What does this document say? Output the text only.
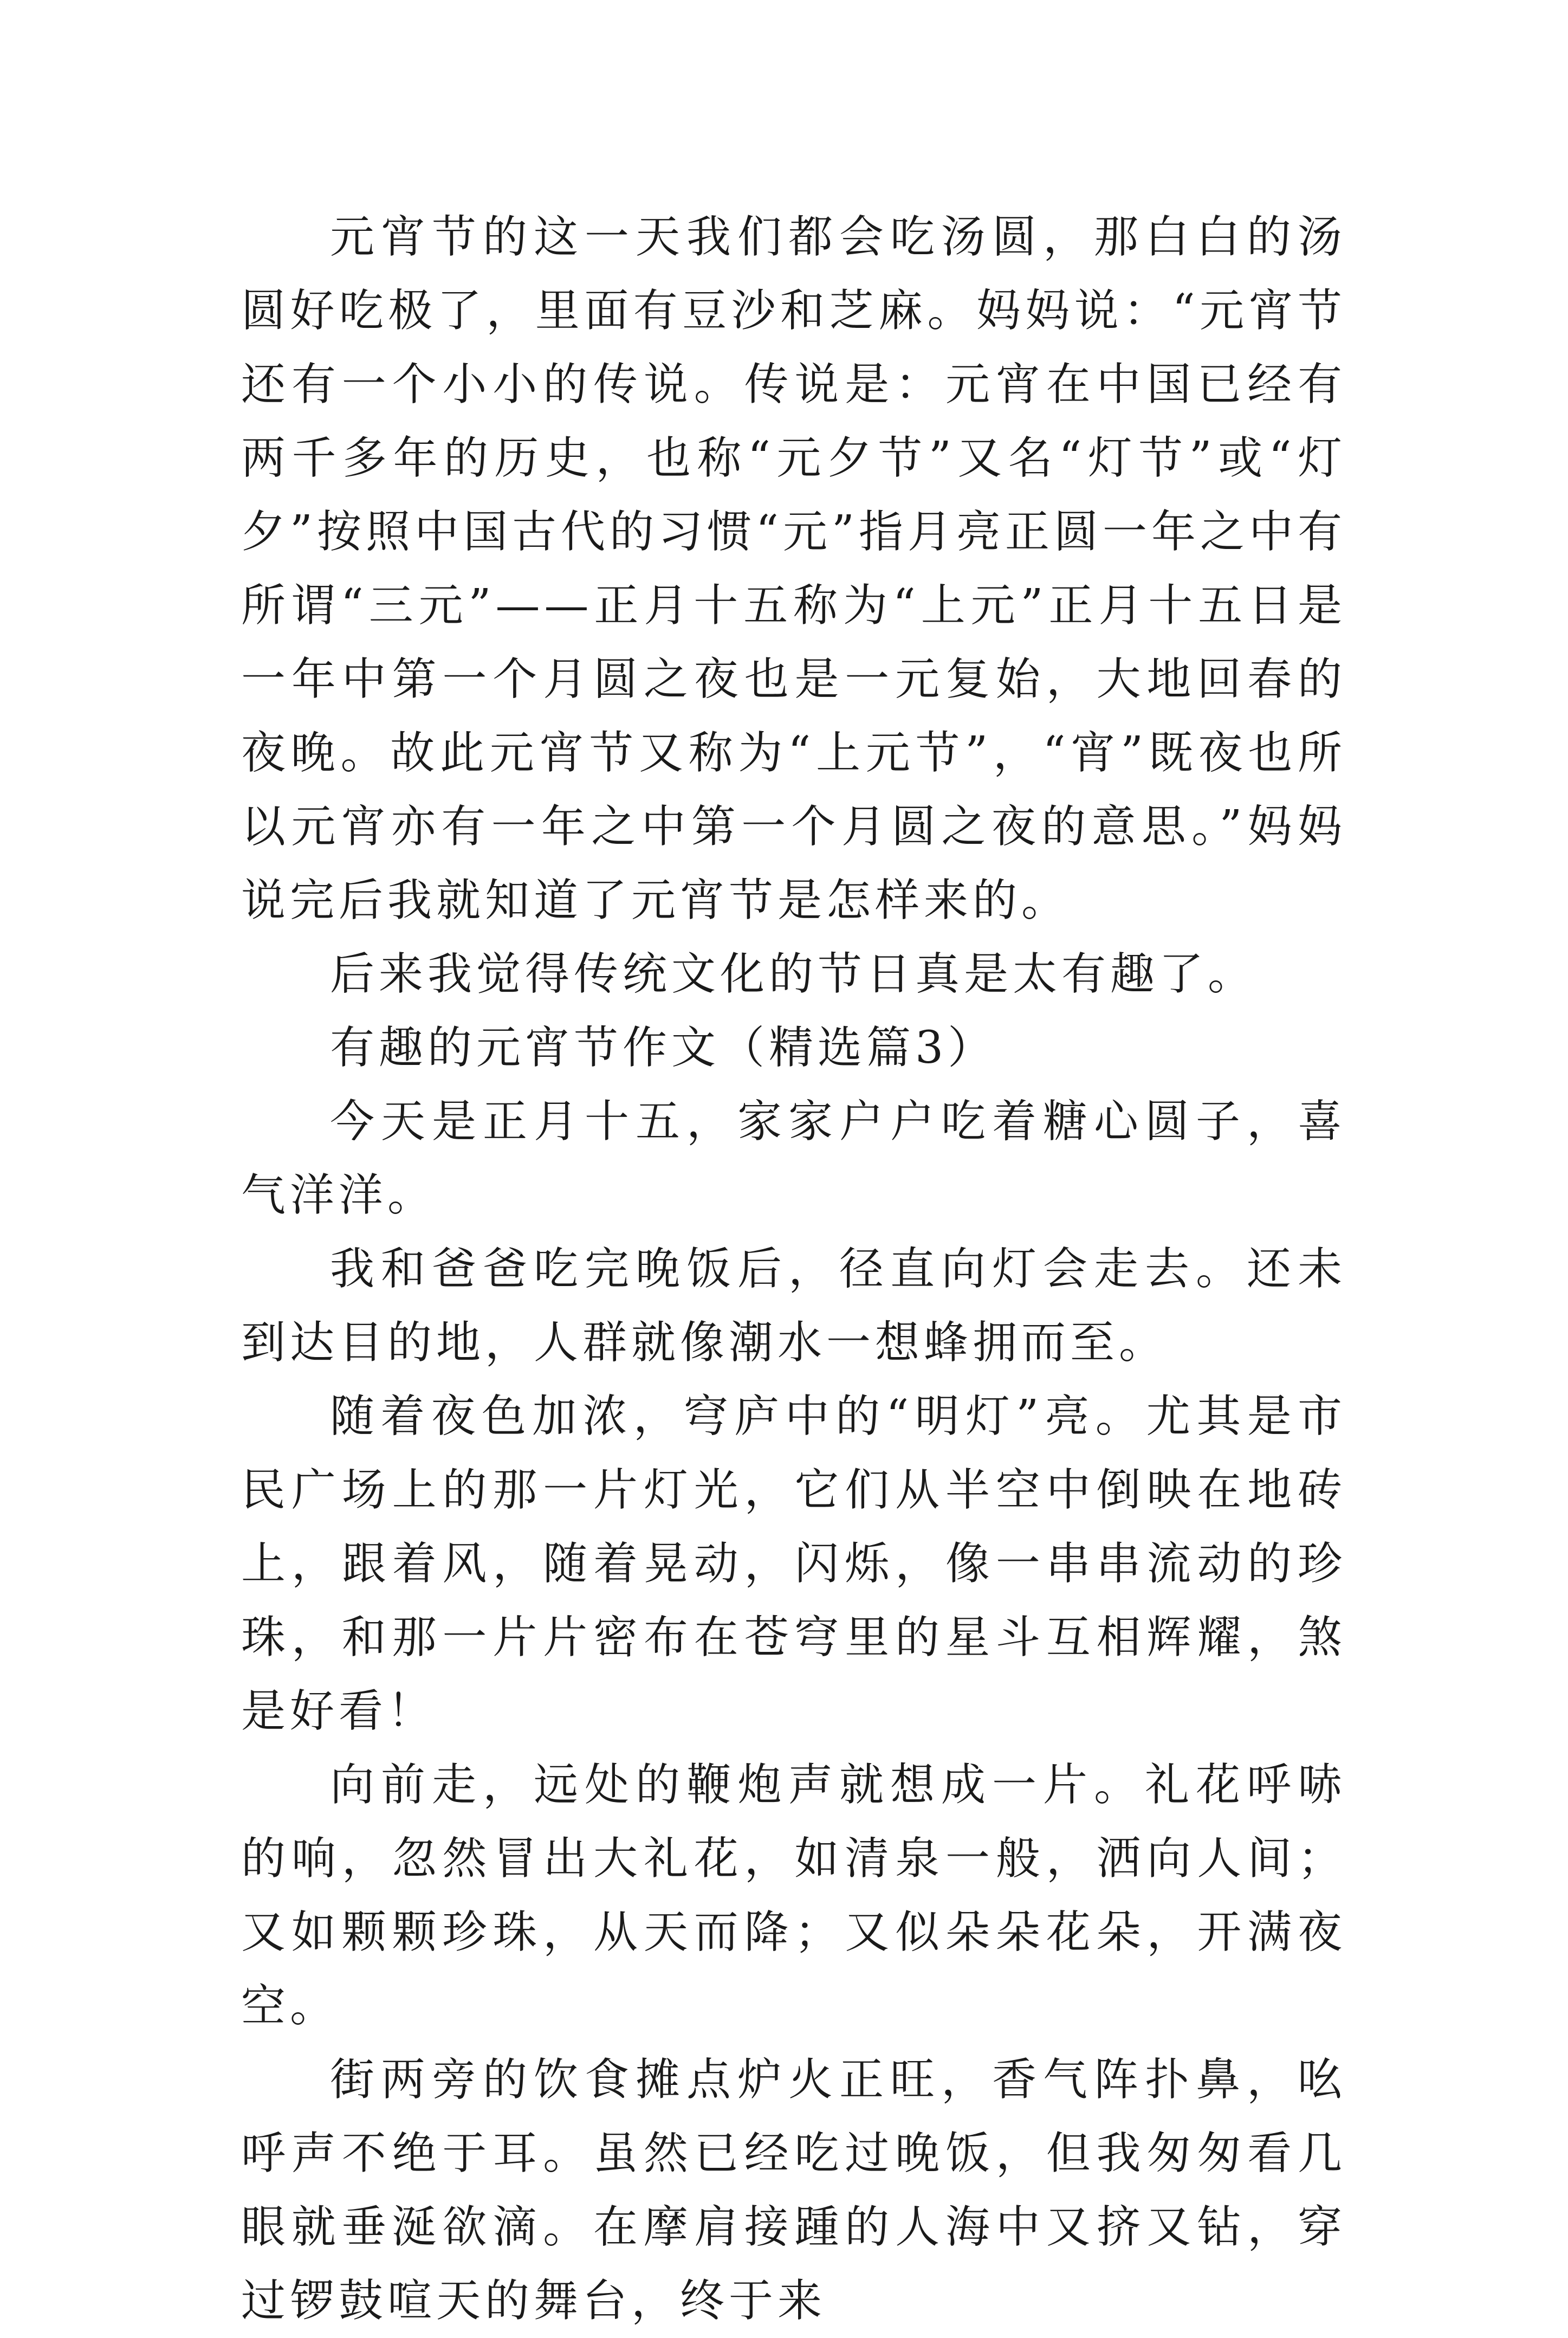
元宵节的这一天我们都会吃汤圆，那白白的汤圆好吃极了，里面有豆沙和芝麻。妈妈说：“元宵节还有一个小小的传说。传说是：元宵在中国已经有两千多年的历史，也称“元夕节”又名“灯节”或“灯夕”按照中国古代的习惯“元”指月亮正圆一年之中有所谓“三元”——正月十五称为“上元”正月十五日是一年中第一个月圆之夜也是一元复始，大地回春的夜晚。故此元宵节又称为“上元节”，“宵”既夜也所以元宵亦有一年之中第一个月圆之夜的意思。”妈妈说完后我就知道了元宵节是怎样来的。

后来我觉得传统文化的节日真是太有趣了。

有趣的元宵节作文（精选篇3）

今天是正月十五，家家户户吃着糖心圆子，喜气洋洋。

我和爸爸吃完晚饭后，径直向灯会走去。还未到达目的地，人群就像潮水一想蜂拥而至。

随着夜色加浓，穹庐中的“明灯”亮。尤其是市民广场上的那一片灯光，它们从半空中倒映在地砖上，跟着风，随着晃动，闪烁，像一串串流动的珍珠，和那一片片密布在苍穹里的星斗互相辉耀，煞是好看！

向前走，远处的鞭炮声就想成一片。礼花呼哧的响，忽然冒出大礼花，如清泉一般，洒向人间；又如颗颗珍珠，从天而降；又似朵朵花朵，开满夜空。

街两旁的饮食摊点炉火正旺，香气阵扑鼻，吆呼声不绝于耳。虽然已经吃过晚饭，但我匆匆看几眼就垂涎欲滴。在摩肩接踵的人海中又挤又钻，穿过锣鼓喧天的舞台，终于来
